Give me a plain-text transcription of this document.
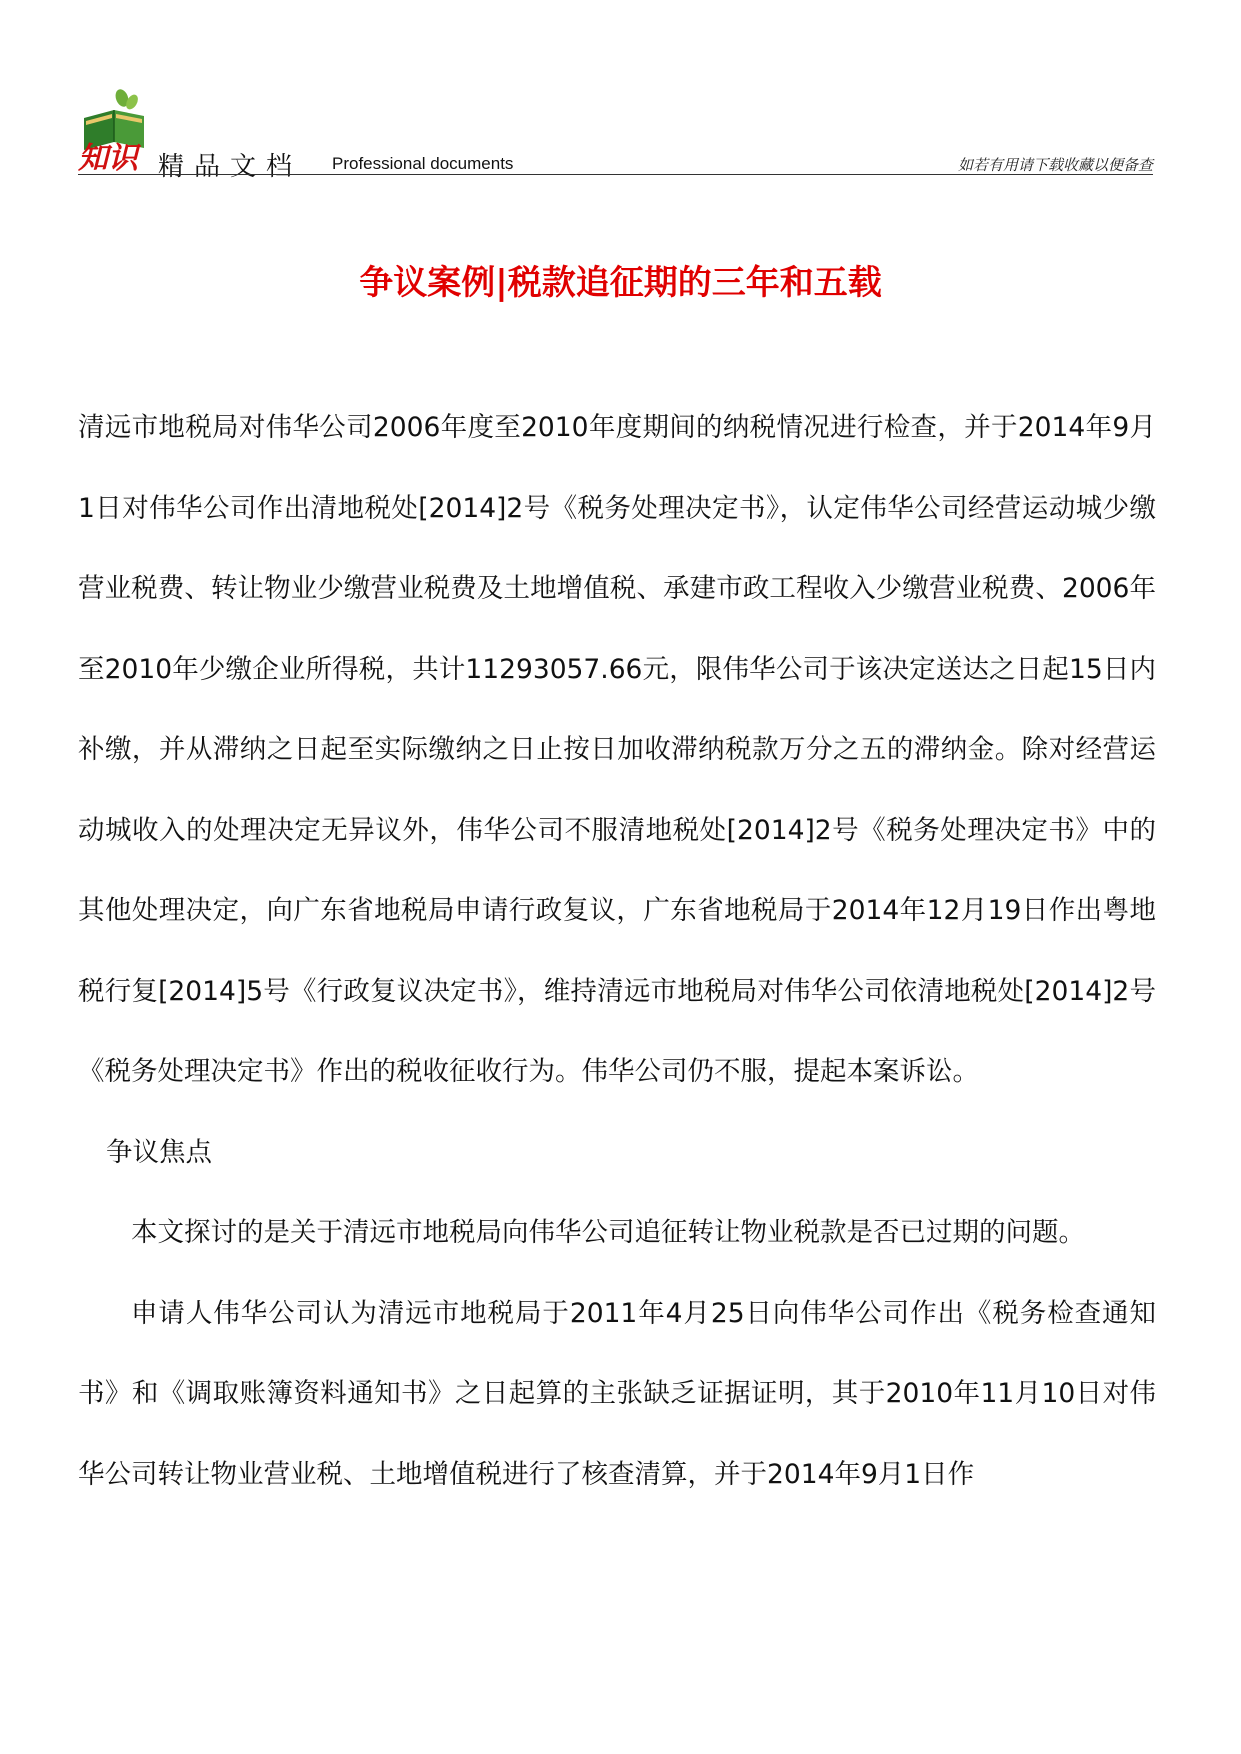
知识 精品文档 Professional documents	如若有用请下载收藏以便备查
争议案例|税款追征期的三年和五载

清远市地税局对伟华公司2006年度至2010年度期间的纳税情况进行检查，并于2014年9月1日对伟华公司作出清地税处[2014]2号《税务处理决定书》，认定伟华公司经营运动城少缴营业税费、转让物业少缴营业税费及土地增值税、承建市政工程收入少缴营业税费、2006年至2010年少缴企业所得税，共计11293057.66元，限伟华公司于该决定送达之日起15日内补缴，并从滞纳之日起至实际缴纳之日止按日加收滞纳税款万分之五的滞纳金。除对经营运动城收入的处理决定无异议外，伟华公司不服清地税处[2014]2号《税务处理决定书》中的其他处理决定，向广东省地税局申请行政复议，广东省地税局于2014年12月19日作出粤地税行复[2014]5号《行政复议决定书》，维持清远市地税局对伟华公司依清地税处[2014]2号《税务处理决定书》作出的税收征收行为。伟华公司仍不服，提起本案诉讼。

争议焦点

本文探讨的是关于清远市地税局向伟华公司追征转让物业税款是否已过期的问题。

申请人伟华公司认为清远市地税局于2011年4月25日向伟华公司作出《税务检查通知书》和《调取账簿资料通知书》之日起算的主张缺乏证据证明，其于2010年11月10日对伟华公司转让物业营业税、土地增值税进行了核查清算，并于2014年9月1日作
